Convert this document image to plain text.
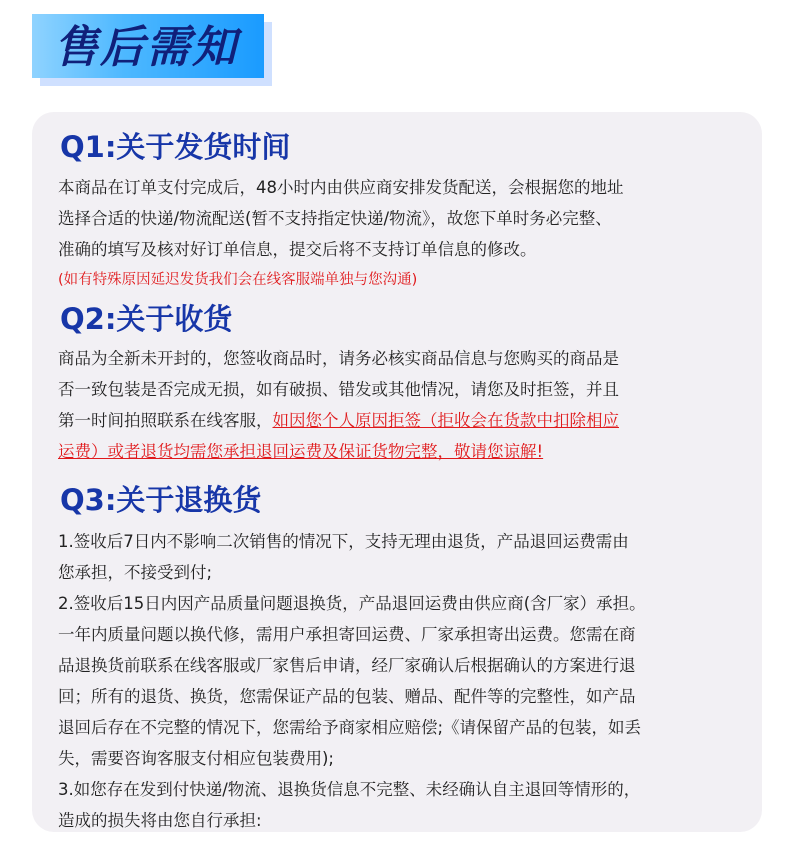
售后需知
Q1:关于发货时间
本商品在订单支付完成后，48小时内由供应商安排发货配送，会根据您的地址
选择合适的快递/物流配送(暂不支持指定快递/物流》，故您下单时务必完整、
准确的填写及核对好订单信息，提交后将不支持订单信息的修改。
(如有特殊原因延迟发货我们会在线客服端单独与您沟通)
Q2:关于收货
商品为全新未开封的，您签收商品时，请务必核实商品信息与您购买的商品是
否一致包装是否完成无损，如有破损、错发或其他情况，请您及时拒签，并且
第一时间拍照联系在线客服，如因您个人原因拒签（拒收会在货款中扣除相应
运费）或者退货均需您承担退回运费及保证货物完整，敬请您谅解!
Q3:关于退换货
1.签收后7日内不影响二次销售的情况下，支持无理由退货，产品退回运费需由
您承担，不接受到付;
2.签收后15日内因产品质量问题退换货，产品退回运费由供应商(含厂家）承担。
一年内质量问题以换代修，需用户承担寄回运费、厂家承担寄出运费。您需在商
品退换货前联系在线客服或厂家售后申请，经厂家确认后根据确认的方案进行退
回；所有的退货、换货，您需保证产品的包装、赠品、配件等的完整性，如产品
退回后存在不完整的情况下，您需给予商家相应赔偿;《请保留产品的包装，如丢
失，需要咨询客服支付相应包装费用);
3.如您存在发到付快递/物流、退换货信息不完整、未经确认自主退回等情形的，
造成的损失将由您自行承担:
